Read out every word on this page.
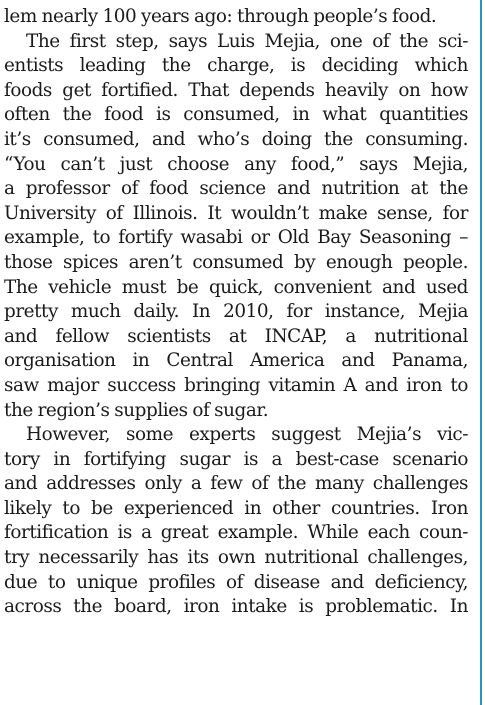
lem nearly 100 years ago: through people’s food.
The first step, says Luis Mejia, one of the sci-
entists leading the charge, is deciding which
foods get fortified. That depends heavily on how
often the food is consumed, in what quantities
it’s consumed, and who’s doing the consuming.
“You can’t just choose any food,” says Mejia,
a professor of food science and nutrition at the
University of Illinois. It wouldn’t make sense, for
example, to fortify wasabi or Old Bay Seasoning –
those spices aren’t consumed by enough people.
The vehicle must be quick, convenient and used
pretty much daily. In 2010, for instance, Mejia
and fellow scientists at INCAP, a nutritional
organisation in Central America and Panama,
saw major success bringing vitamin A and iron to
the region’s supplies of sugar.
However, some experts suggest Mejia’s vic-
tory in fortifying sugar is a best-case scenario
and addresses only a few of the many challenges
likely to be experienced in other countries. Iron
fortification is a great example. While each coun-
try necessarily has its own nutritional challenges,
due to unique profiles of disease and deficiency,
across the board, iron intake is problematic. In
